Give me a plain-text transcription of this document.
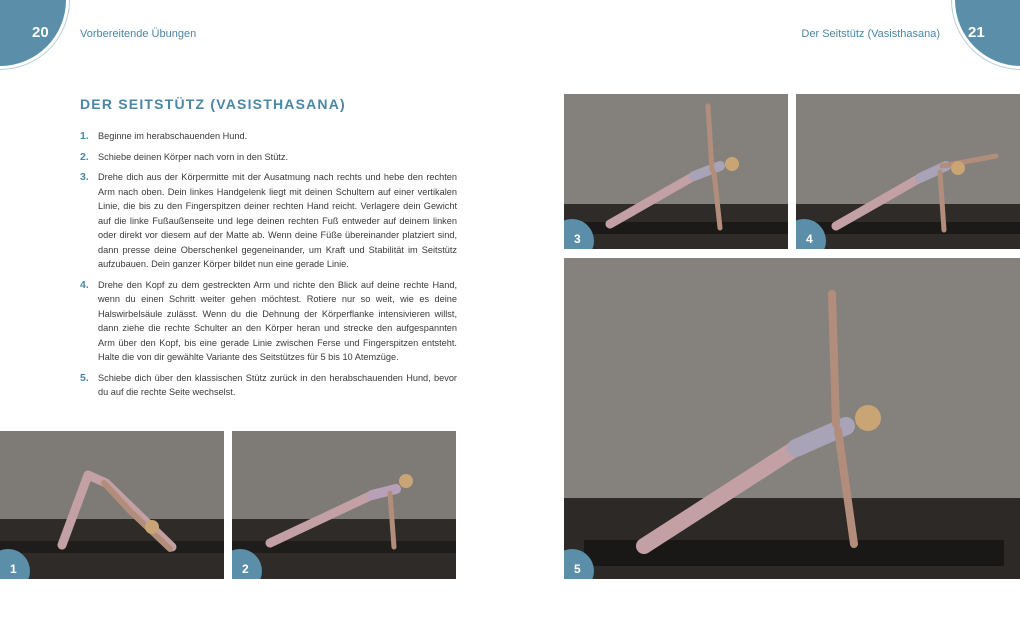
20	21
Vorbereitende Übungen	Der Seitstütz (Vasisthasana)
DER SEITSTÜTZ (VASISTHASANA)
1. Beginne im herabschauenden Hund.
2. Schiebe deinen Körper nach vorn in den Stütz.
3. Drehe dich aus der Körpermitte mit der Ausatmung nach rechts und hebe den rechten Arm nach oben. Dein linkes Handgelenk liegt mit deinen Schultern auf einer vertikalen Linie, die bis zu den Fingerspitzen deiner rechten Hand reicht. Verlagere dein Gewicht auf die linke Fußaußenseite und lege deinen rechten Fuß entweder auf deinem linken oder direkt vor diesem auf der Matte ab. Wenn deine Füße übereinander platziert sind, dann presse deine Oberschenkel gegeneinander, um Kraft und Stabilität im Seitstütz aufzubauen. Dein ganzer Körper bildet nun eine gerade Linie.
4. Drehe den Kopf zu dem gestreckten Arm und richte den Blick auf deine rechte Hand, wenn du einen Schritt weiter gehen möchtest. Rotiere nur so weit, wie es deine Halswirbelsäule zulässt. Wenn du die Dehnung der Körperflanke intensivieren willst, dann ziehe die rechte Schulter an den Körper heran und strecke den aufgespannten Arm über den Kopf, bis eine gerade Linie zwischen Ferse und Fingerspitzen entsteht. Halte die von dir gewählte Variante des Seitstützes für 5 bis 10 Atemzüge.
5. Schiebe dich über den klassischen Stütz zurück in den herabschauenden Hund, bevor du auf die rechte Seite wechselst.
1	2
3	4
5
